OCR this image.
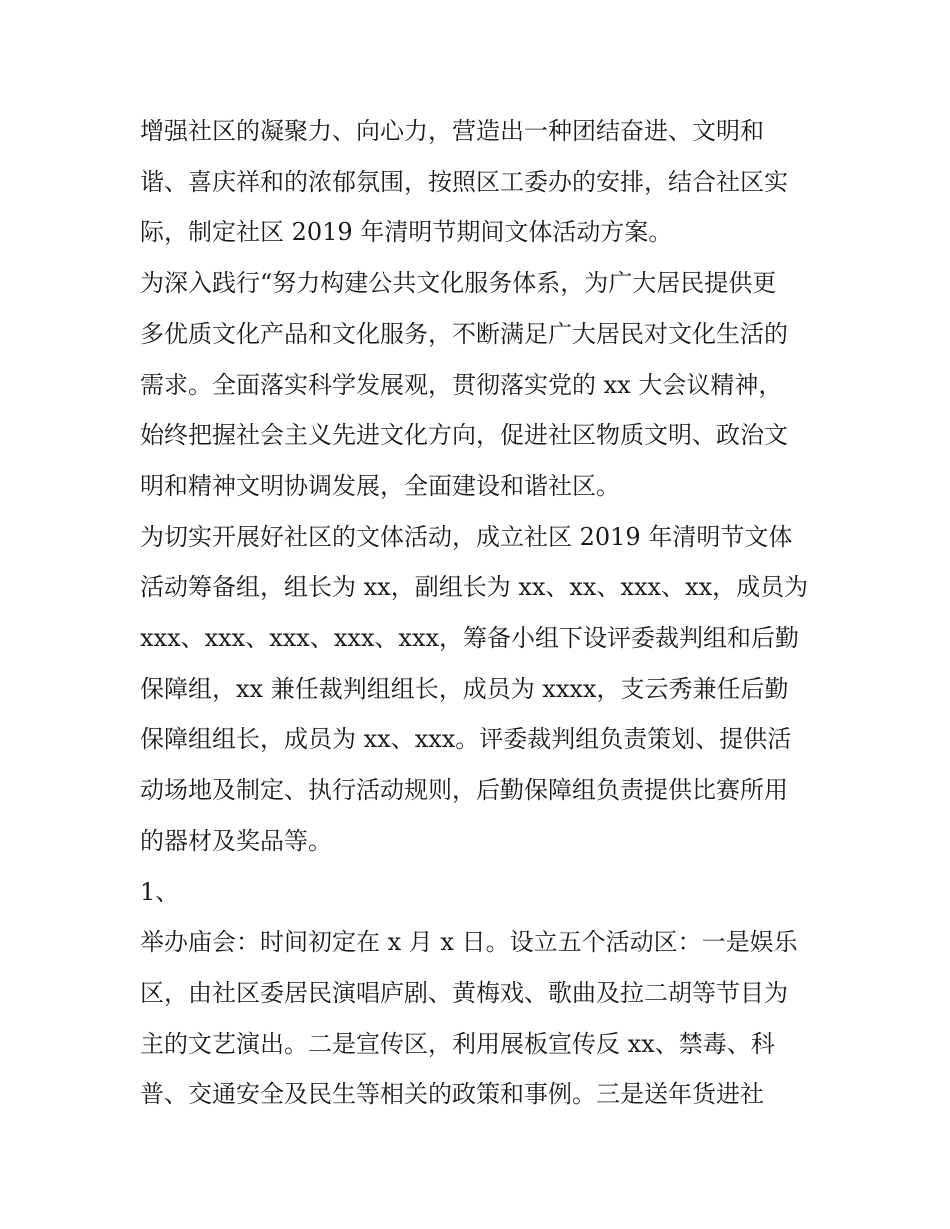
增强社区的凝聚力、向心力，营造出一种团结奋进、文明和
谐、喜庆祥和的浓郁氛围，按照区工委办的安排，结合社区实
际，制定社区 2019 年清明节期间文体活动方案。

为深入践行“努力构建公共文化服务体系，为广大居民提供更
多优质文化产品和文化服务，不断满足广大居民对文化生活的
需求。全面落实科学发展观，贯彻落实党的 xx 大会议精神，
始终把握社会主义先进文化方向，促进社区物质文明、政治文
明和精神文明协调发展，全面建设和谐社区。

为切实开展好社区的文体活动，成立社区 2019 年清明节文体
活动筹备组，组长为 xx，副组长为 xx、xx、xxx、xx，成员为
xxx、xxx、xxx、xxx、xxx，筹备小组下设评委裁判组和后勤
保障组，xx 兼任裁判组组长，成员为 xxxx，支云秀兼任后勤
保障组组长，成员为 xx、xxx。评委裁判组负责策划、提供活
动场地及制定、执行活动规则，后勤保障组负责提供比赛所用
的器材及奖品等。

1、

举办庙会：时间初定在 x 月 x 日。设立五个活动区：一是娱乐
区，由社区委居民演唱庐剧、黄梅戏、歌曲及拉二胡等节目为
主的文艺演出。二是宣传区，利用展板宣传反 xx、禁毒、科
普、交通安全及民生等相关的政策和事例。三是送年货进社
